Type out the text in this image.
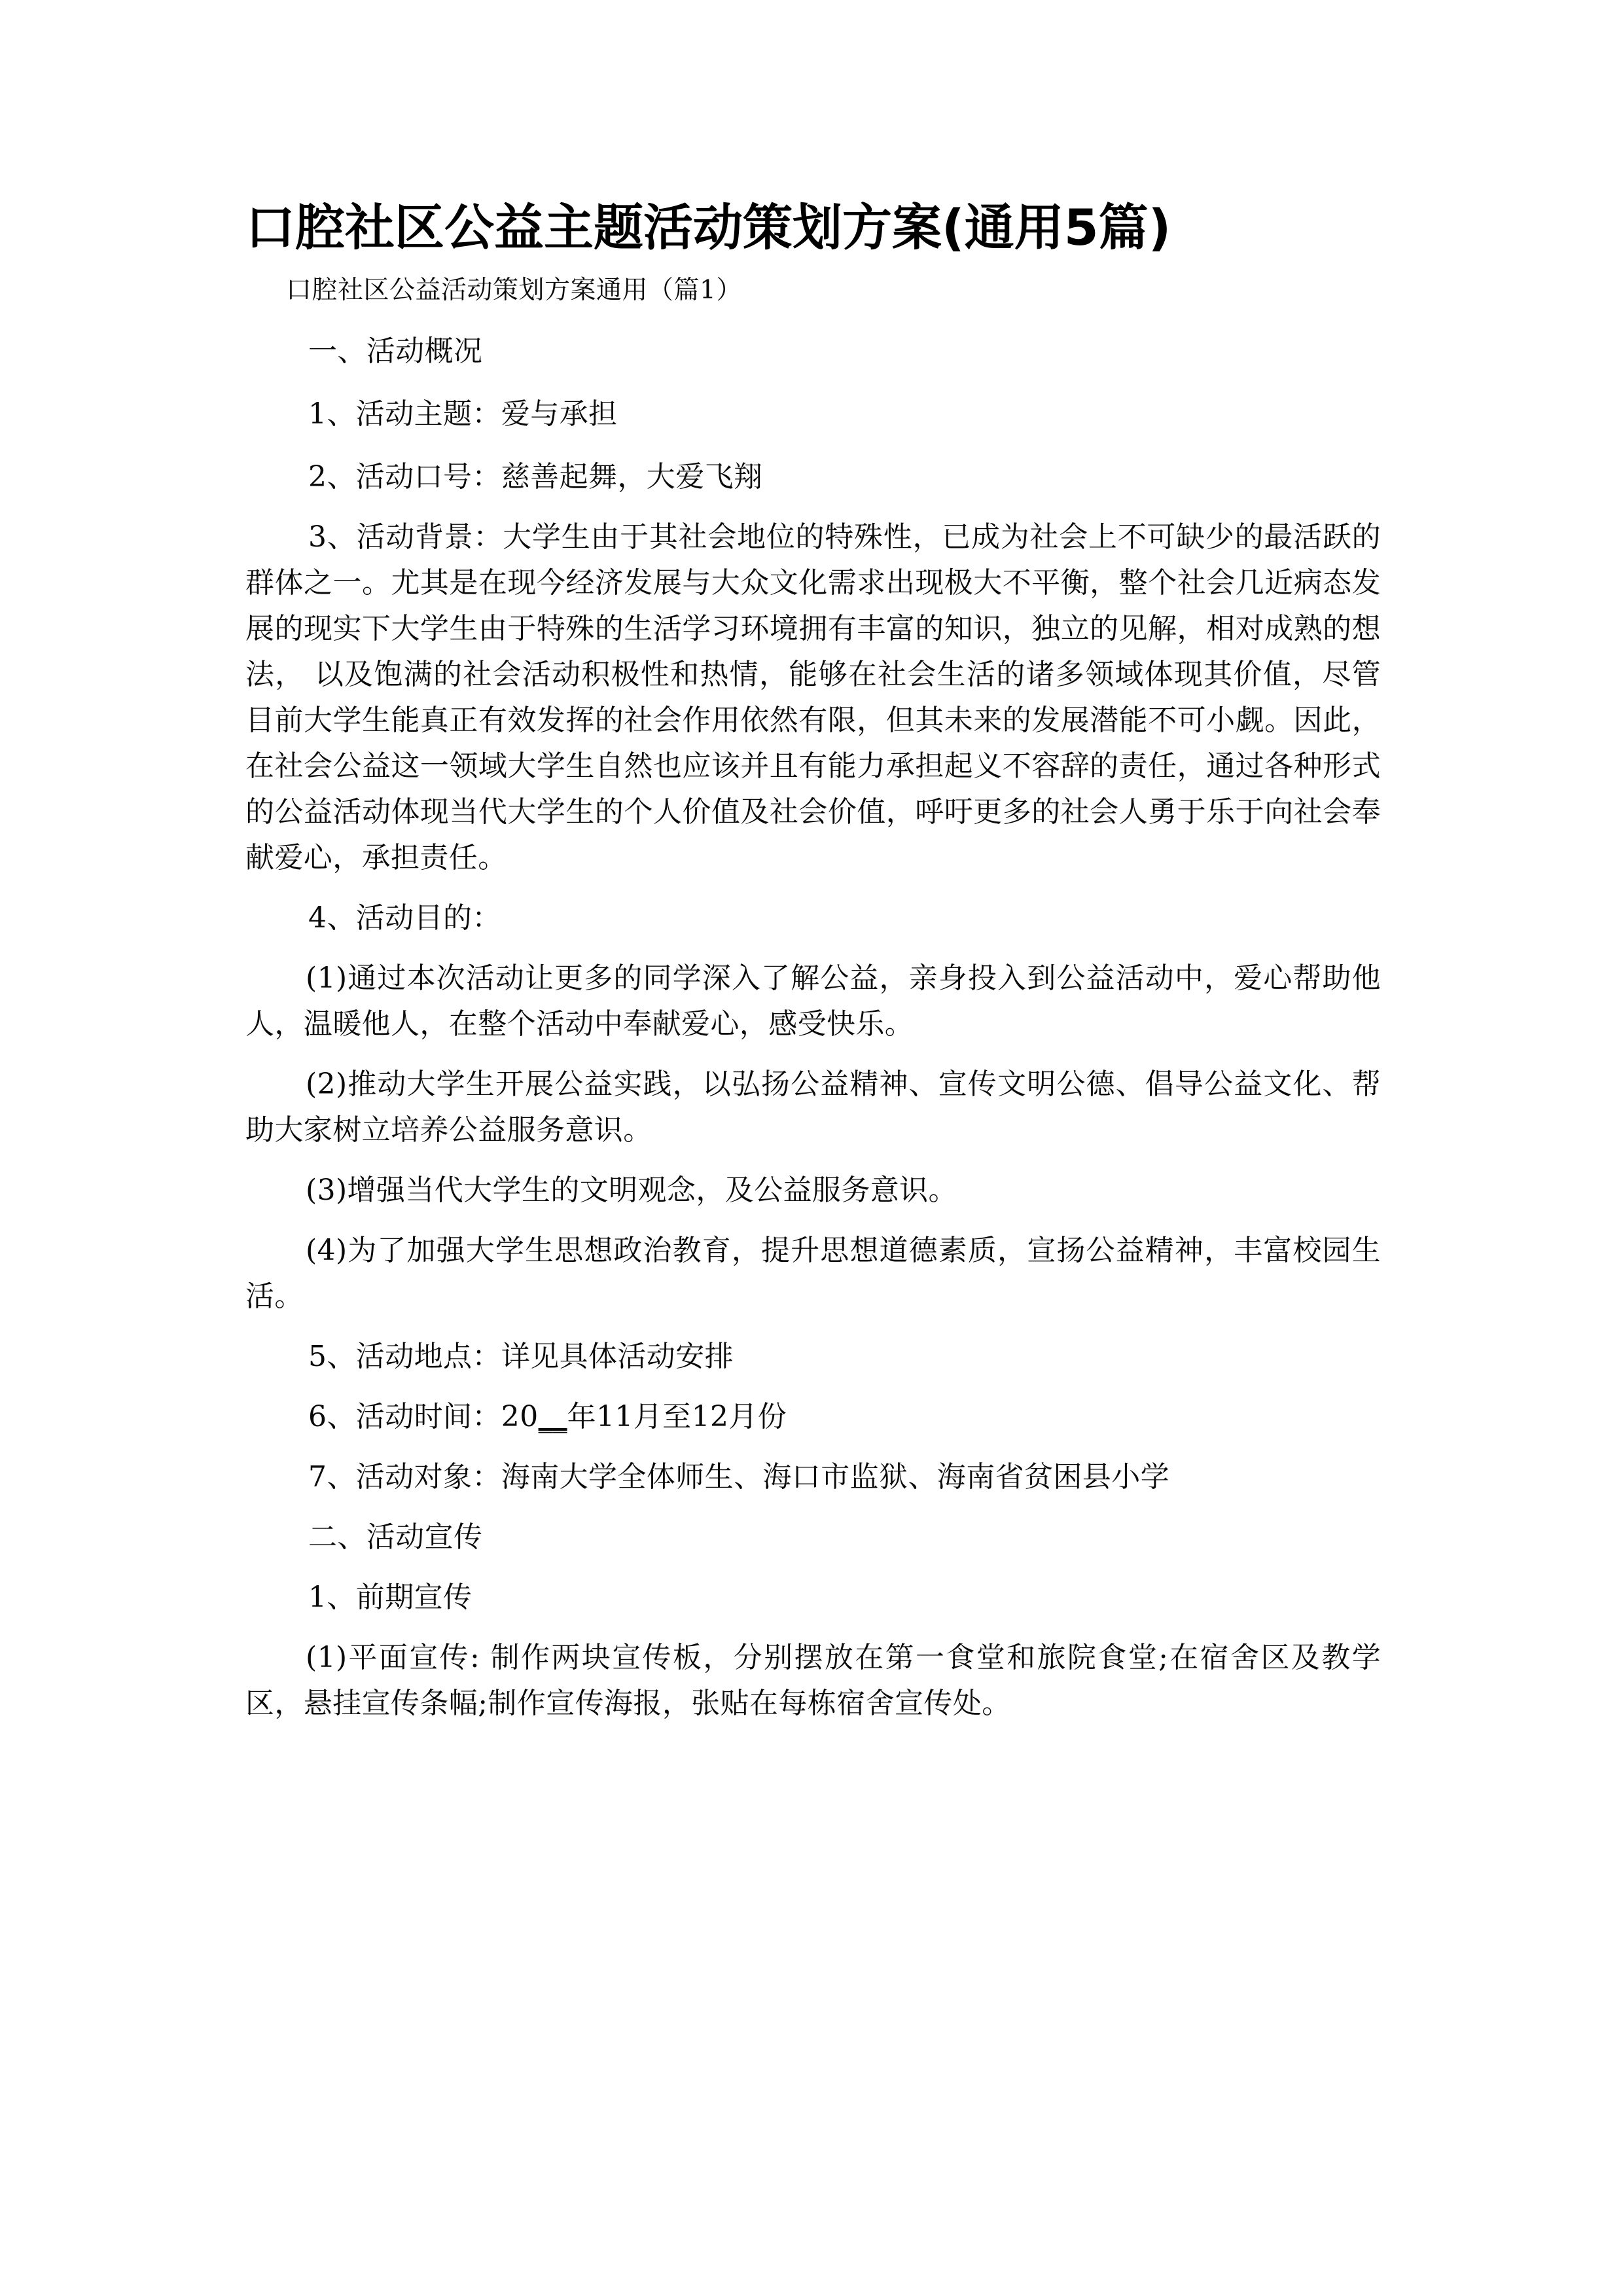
口腔社区公益主题活动策划方案(通用5篇)

口腔社区公益活动策划方案通用（篇1）

一、活动概况

1、活动主题：爱与承担

2、活动口号：慈善起舞，大爱飞翔

3、活动背景：大学生由于其社会地位的特殊性，已成为社会上不可缺少的最活跃的群体之一。尤其是在现今经济发展与大众文化需求出现极大不平衡，整个社会几近病态发展的现实下大学生由于特殊的生活学习环境拥有丰富的知识，独立的见解，相对成熟的想法， 以及饱满的社会活动积极性和热情，能够在社会生活的诸多领域体现其价值，尽管目前大学生能真正有效发挥的社会作用依然有限，但其未来的发展潜能不可小觑。因此，在社会公益这一领域大学生自然也应该并且有能力承担起义不容辞的责任，通过各种形式的公益活动体现当代大学生的个人价值及社会价值，呼吁更多的社会人勇于乐于向社会奉献爱心，承担责任。

4、活动目的：

(1)通过本次活动让更多的同学深入了解公益，亲身投入到公益活动中，爱心帮助他人，温暖他人，在整个活动中奉献爱心，感受快乐。

(2)推动大学生开展公益实践，以弘扬公益精神、宣传文明公德、倡导公益文化、帮助大家树立培养公益服务意识。

(3)增强当代大学生的文明观念，及公益服务意识。

(4)为了加强大学生思想政治教育，提升思想道德素质，宣扬公益精神，丰富校园生活。

5、活动地点：详见具体活动安排

6、活动时间：20__年11月至12月份

7、活动对象：海南大学全体师生、海口市监狱、海南省贫困县小学

二、活动宣传

1、前期宣传

(1)平面宣传: 制作两块宣传板，分别摆放在第一食堂和旅院食堂;在宿舍区及教学区，悬挂宣传条幅;制作宣传海报，张贴在每栋宿舍宣传处。
